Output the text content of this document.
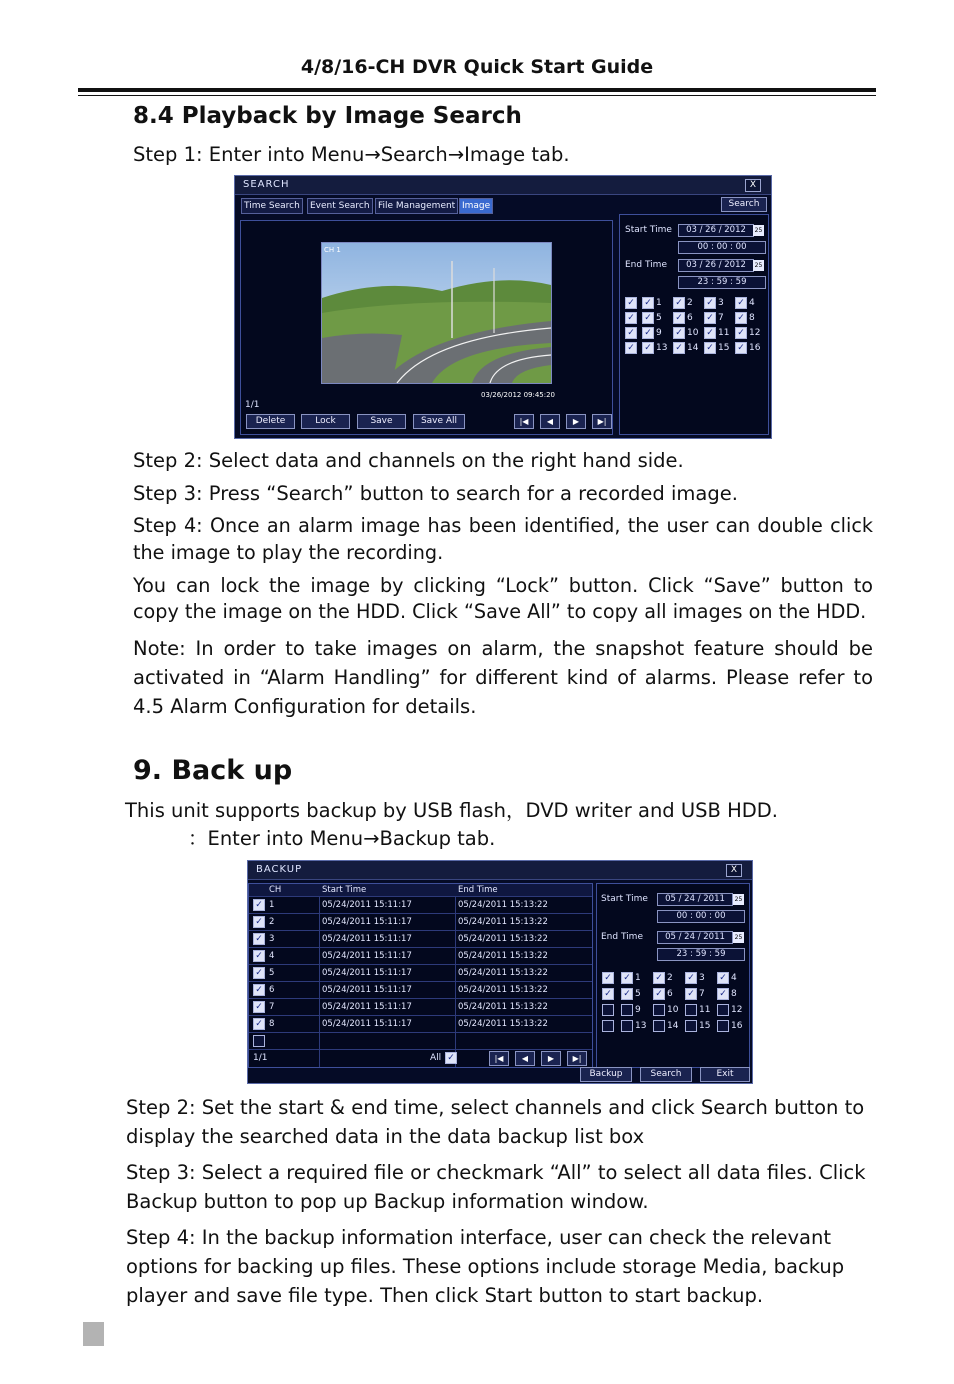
4/8/16-CH DVR Quick Start Guide
8.4 Playback by Image Search
Step 1: Enter into Menu→Search→Image tab.
SEARCH	X
Time Search	Event Search File Management Image	Search
CH 1
03/26/2012 09:45:20
1/1
Delete	Lock	Save	Save All	|◀	◀	▶	▶|
Start Time	03 / 26 / 2012	25
00 : 00 : 00
End Time	03 / 26 / 2012	25
23 : 59 : 59
✓ ✓ 1 ✓ 2 ✓ 3 ✓ 4
✓ ✓ 5 ✓ 6 ✓ 7 ✓ 8
✓ ✓ 9 ✓ 10 ✓ 11 ✓ 12
✓ ✓ 13 ✓ 14 ✓ 15 ✓ 16
Step 2: Select data and channels on the right hand side.
Step 3: Press “Search” button to search for a recorded image.
Step 4: Once an alarm image has been identified, the user can double click the image to play the recording.
You can lock the image by clicking “Lock” button. Click “Save” button to copy the image on the HDD. Click “Save All” to copy all images on the HDD.
Note: In order to take images on alarm, the snapshot feature should be activated in “Alarm Handling” for different kind of alarms. Please refer to 4.5 Alarm Configuration for details.
9. Back up
This unit supports backup by USB flash，DVD writer and USB HDD.
：Enter into Menu→Backup tab.
BACKUP	X
CH	Start Time	End Time
✓ 1	05/24/2011 15:11:17	05/24/2011 15:13:22
✓ 2	05/24/2011 15:11:17	05/24/2011 15:13:22
✓ 3	05/24/2011 15:11:17	05/24/2011 15:13:22
✓ 4	05/24/2011 15:11:17	05/24/2011 15:13:22
✓ 5	05/24/2011 15:11:17	05/24/2011 15:13:22
✓ 6	05/24/2011 15:11:17	05/24/2011 15:13:22
✓ 7	05/24/2011 15:11:17	05/24/2011 15:13:22
✓ 8	05/24/2011 15:11:17	05/24/2011 15:13:22
1/1	All ✓	|◀	◀	▶	▶|
Start Time	05 / 24 / 2011	25
00 : 00 : 00
End Time	05 / 24 / 2011	25
23 : 59 : 59
✓ ✓ 1 ✓ 2 ✓ 3 ✓ 4
✓ ✓ 5 ✓ 6 ✓ 7 ✓ 8
9	10 11 12
13 14 15 16
Backup	Search	Exit
Step 2: Set the start & end time, select channels and click Search button to display the searched data in the data backup list box
Step 3: Select a required file or checkmark “All” to select all data files. Click Backup button to pop up Backup information window.
Step 4: In the backup information interface, user can check the relevant options for backing up files. These options include storage Media, backup player and save file type. Then click Start button to start backup.
